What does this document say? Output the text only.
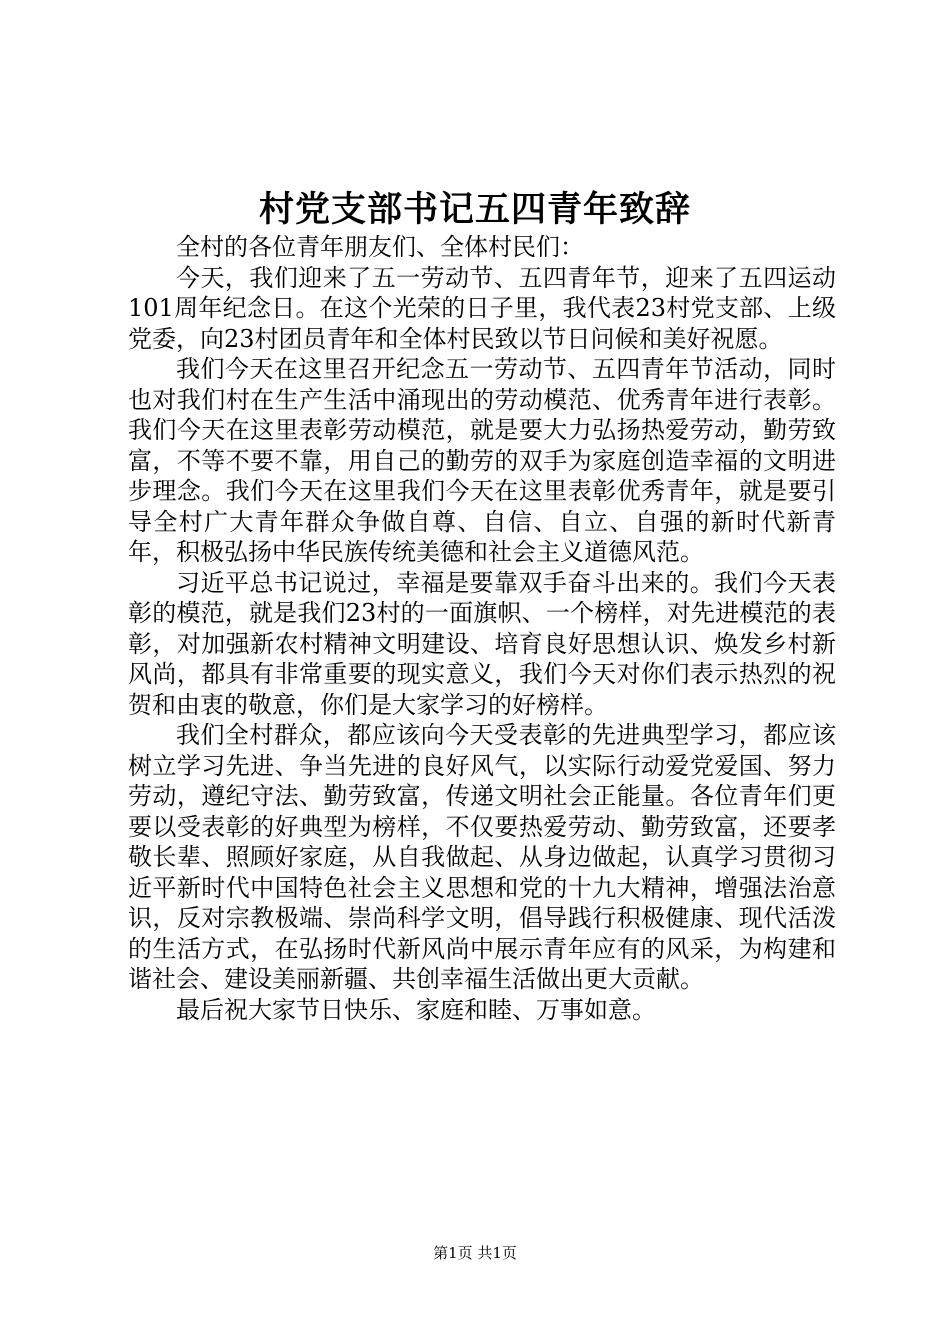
村党支部书记五四青年致辞

全村的各位青年朋友们、全体村民们：

今天，我们迎来了五一劳动节、五四青年节，迎来了五四运动101周年纪念日。在这个光荣的日子里，我代表23村党支部、上级党委，向23村团员青年和全体村民致以节日问候和美好祝愿。

我们今天在这里召开纪念五一劳动节、五四青年节活动，同时也对我们村在生产生活中涌现出的劳动模范、优秀青年进行表彰。我们今天在这里表彰劳动模范，就是要大力弘扬热爱劳动，勤劳致富，不等不要不靠，用自己的勤劳的双手为家庭创造幸福的文明进步理念。我们今天在这里我们今天在这里表彰优秀青年，就是要引导全村广大青年群众争做自尊、自信、自立、自强的新时代新青年，积极弘扬中华民族传统美德和社会主义道德风范。

习近平总书记说过，幸福是要靠双手奋斗出来的。我们今天表彰的模范，就是我们23村的一面旗帜、一个榜样，对先进模范的表彰，对加强新农村精神文明建设、培育良好思想认识、焕发乡村新风尚，都具有非常重要的现实意义，我们今天对你们表示热烈的祝贺和由衷的敬意，你们是大家学习的好榜样。

我们全村群众，都应该向今天受表彰的先进典型学习，都应该树立学习先进、争当先进的良好风气，以实际行动爱党爱国、努力劳动，遵纪守法、勤劳致富，传递文明社会正能量。各位青年们更要以受表彰的好典型为榜样，不仅要热爱劳动、勤劳致富，还要孝敬长辈、照顾好家庭，从自我做起、从身边做起，认真学习贯彻习近平新时代中国特色社会主义思想和党的十九大精神，增强法治意识，反对宗教极端、崇尚科学文明，倡导践行积极健康、现代活泼的生活方式，在弘扬时代新风尚中展示青年应有的风采，为构建和谐社会、建设美丽新疆、共创幸福生活做出更大贡献。

最后祝大家节日快乐、家庭和睦、万事如意。

第1页 共1页
